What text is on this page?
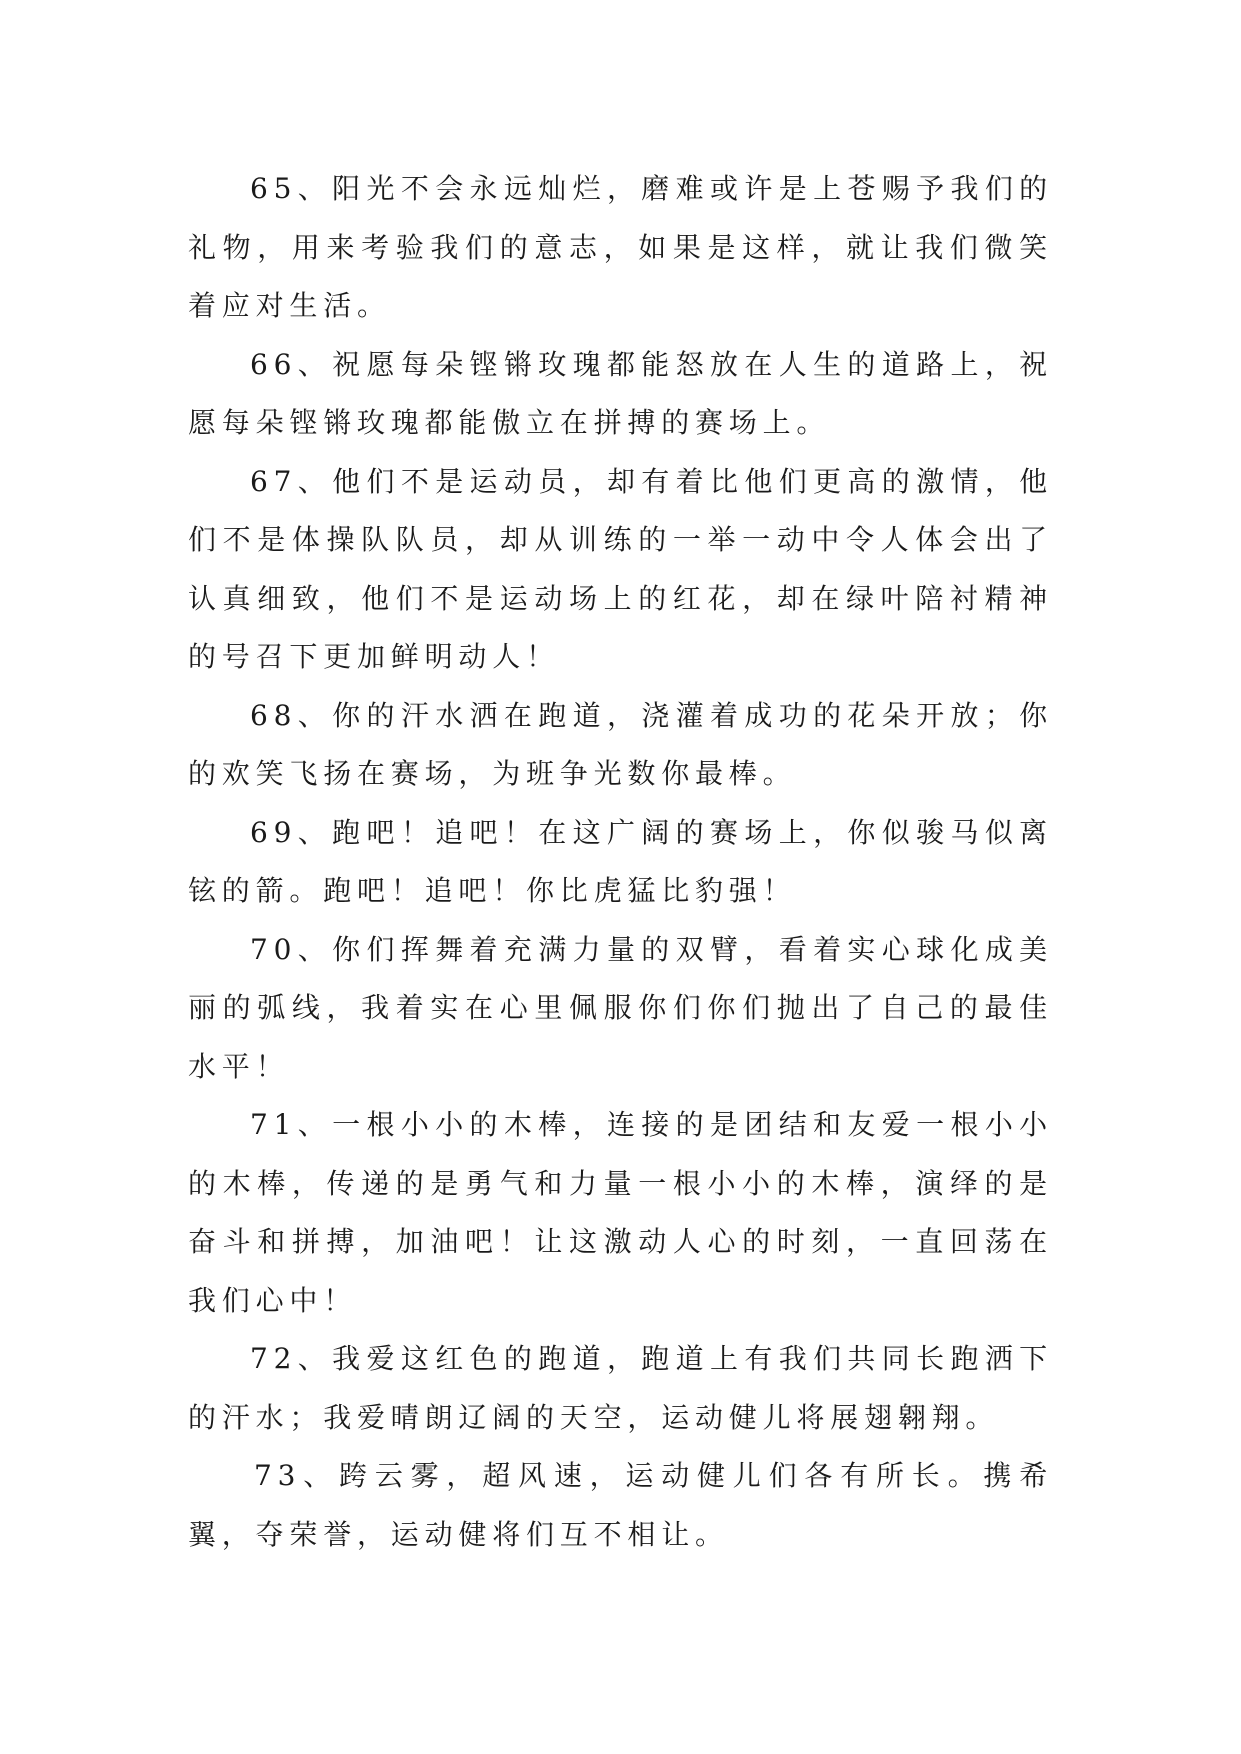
65、阳光不会永远灿烂，磨难或许是上苍赐予我们的礼物，用来考验我们的意志，如果是这样，就让我们微笑着应对生活。

66、祝愿每朵铿锵玫瑰都能怒放在人生的道路上，祝愿每朵铿锵玫瑰都能傲立在拼搏的赛场上。

67、他们不是运动员，却有着比他们更高的激情，他们不是体操队队员，却从训练的一举一动中令人体会出了认真细致，他们不是运动场上的红花，却在绿叶陪衬精神的号召下更加鲜明动人！

68、你的汗水洒在跑道，浇灌着成功的花朵开放；你的欢笑飞扬在赛场，为班争光数你最棒。

69、跑吧！追吧！在这广阔的赛场上，你似骏马似离铉的箭。跑吧！追吧！你比虎猛比豹强！

70、你们挥舞着充满力量的双臂，看着实心球化成美丽的弧线，我着实在心里佩服你们你们抛出了自己的最佳水平！

71、一根小小的木棒，连接的是团结和友爱一根小小的木棒，传递的是勇气和力量一根小小的木棒，演绎的是奋斗和拼搏，加油吧！让这激动人心的时刻，一直回荡在我们心中！

72、我爱这红色的跑道，跑道上有我们共同长跑洒下的汗水；我爱晴朗辽阔的天空，运动健儿将展翅翱翔。

73、跨云雾，超风速，运动健儿们各有所长。携希翼，夺荣誉，运动健将们互不相让。
